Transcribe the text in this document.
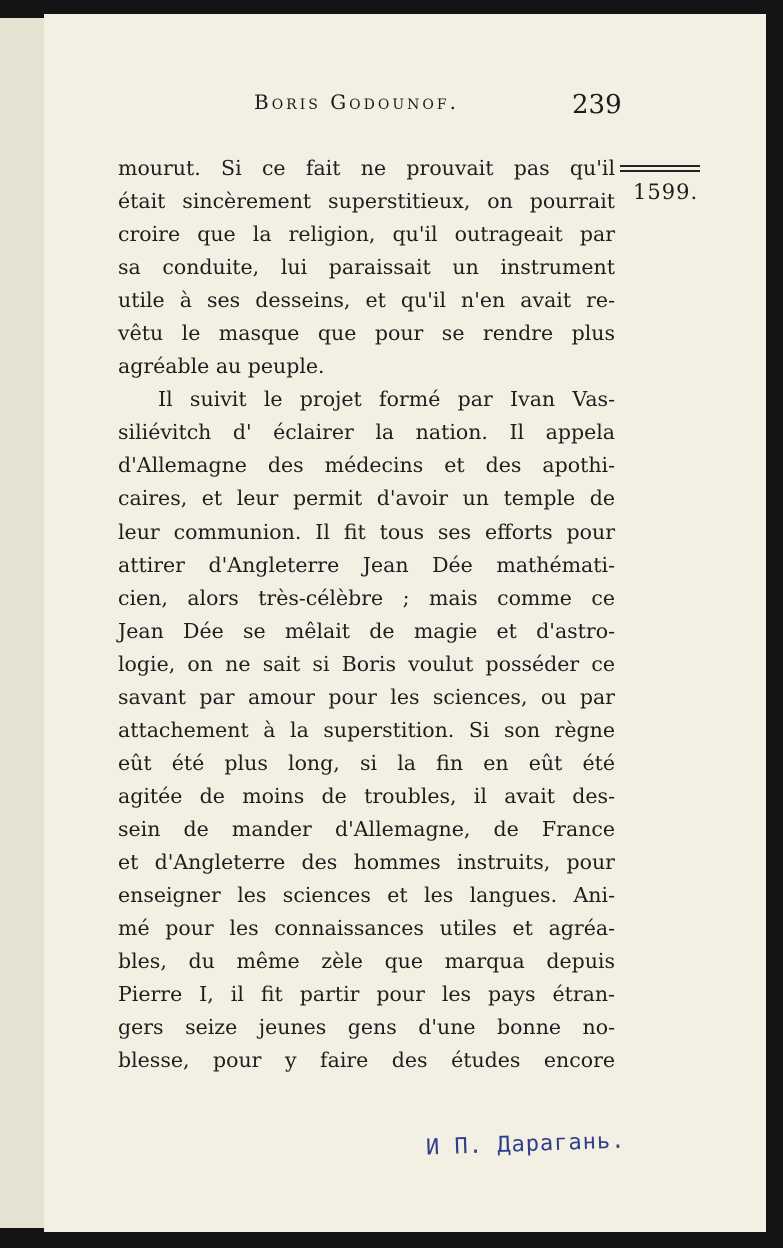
Boris Godounof.	239
1599.
mourut. Si ce fait ne prouvait pas qu'il
était sincèrement superstitieux, on pourrait
croire que la religion, qu'il outrageait par
sa conduite, lui paraissait un instrument
utile à ses desseins, et qu'il n'en avait re-
vêtu le masque que pour se rendre plus
agréable au peuple.
Il suivit le projet formé par Ivan Vas-
siliévitch d' éclairer la nation. Il appela
d'Allemagne des médecins et des apothi-
caires, et leur permit d'avoir un temple de
leur communion. Il fit tous ses efforts pour
attirer d'Angleterre Jean Dée mathémati-
cien, alors très-célèbre ; mais comme ce
Jean Dée se mêlait de magie et d'astro-
logie, on ne sait si Boris voulut posséder ce
savant par amour pour les sciences, ou par
attachement à la superstition. Si son règne
eût été plus long, si la fin en eût été
agitée de moins de troubles, il avait des-
sein de mander d'Allemagne, de France
et d'Angleterre des hommes instruits, pour
enseigner les sciences et les langues. Ani-
mé pour les connaissances utiles et agréa-
bles, du même zèle que marqua depuis
Pierre I, il fit partir pour les pays étran-
gers seize jeunes gens d'une bonne no-
blesse, pour y faire des études encore
И П. Дарагань.
